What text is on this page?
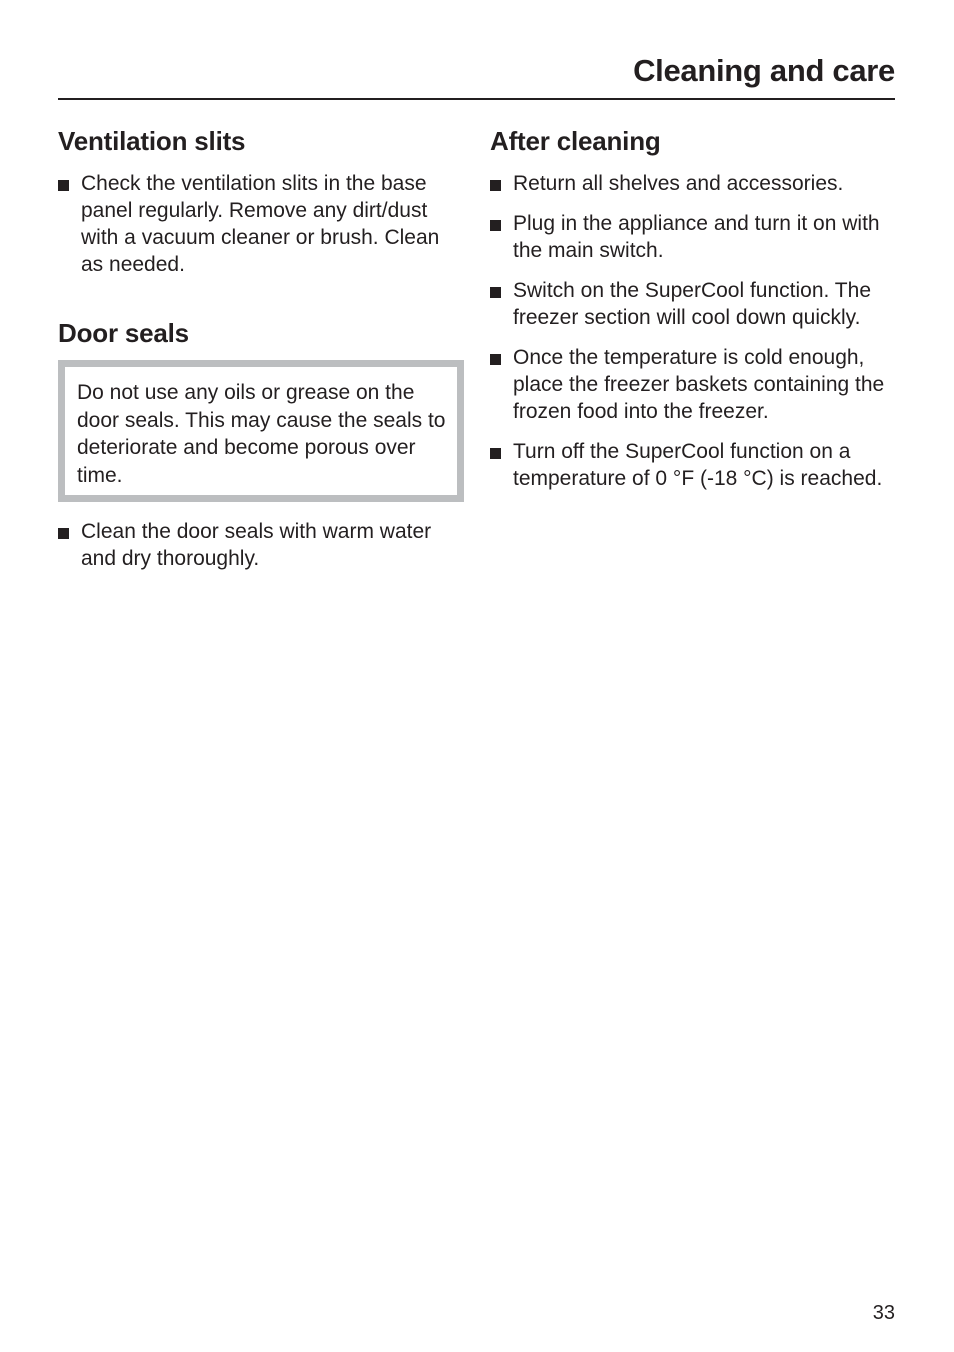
Cleaning and care
Ventilation slits
Check the ventilation slits in the base panel regularly. Remove any dirt/dust with a vacuum cleaner or brush. Clean as needed.
Door seals
Do not use any oils or grease on the door seals. This may cause the seals to deteriorate and become porous over time.
Clean the door seals with warm water and dry thoroughly.
After cleaning
Return all shelves and accessories.
Plug in the appliance and turn it on with the main switch.
Switch on the SuperCool function. The freezer section will cool down quickly.
Once the temperature is cold enough, place the freezer baskets containing the frozen food into the freezer.
Turn off the SuperCool function on a temperature of 0 °F (-18 °C) is reached.
33
